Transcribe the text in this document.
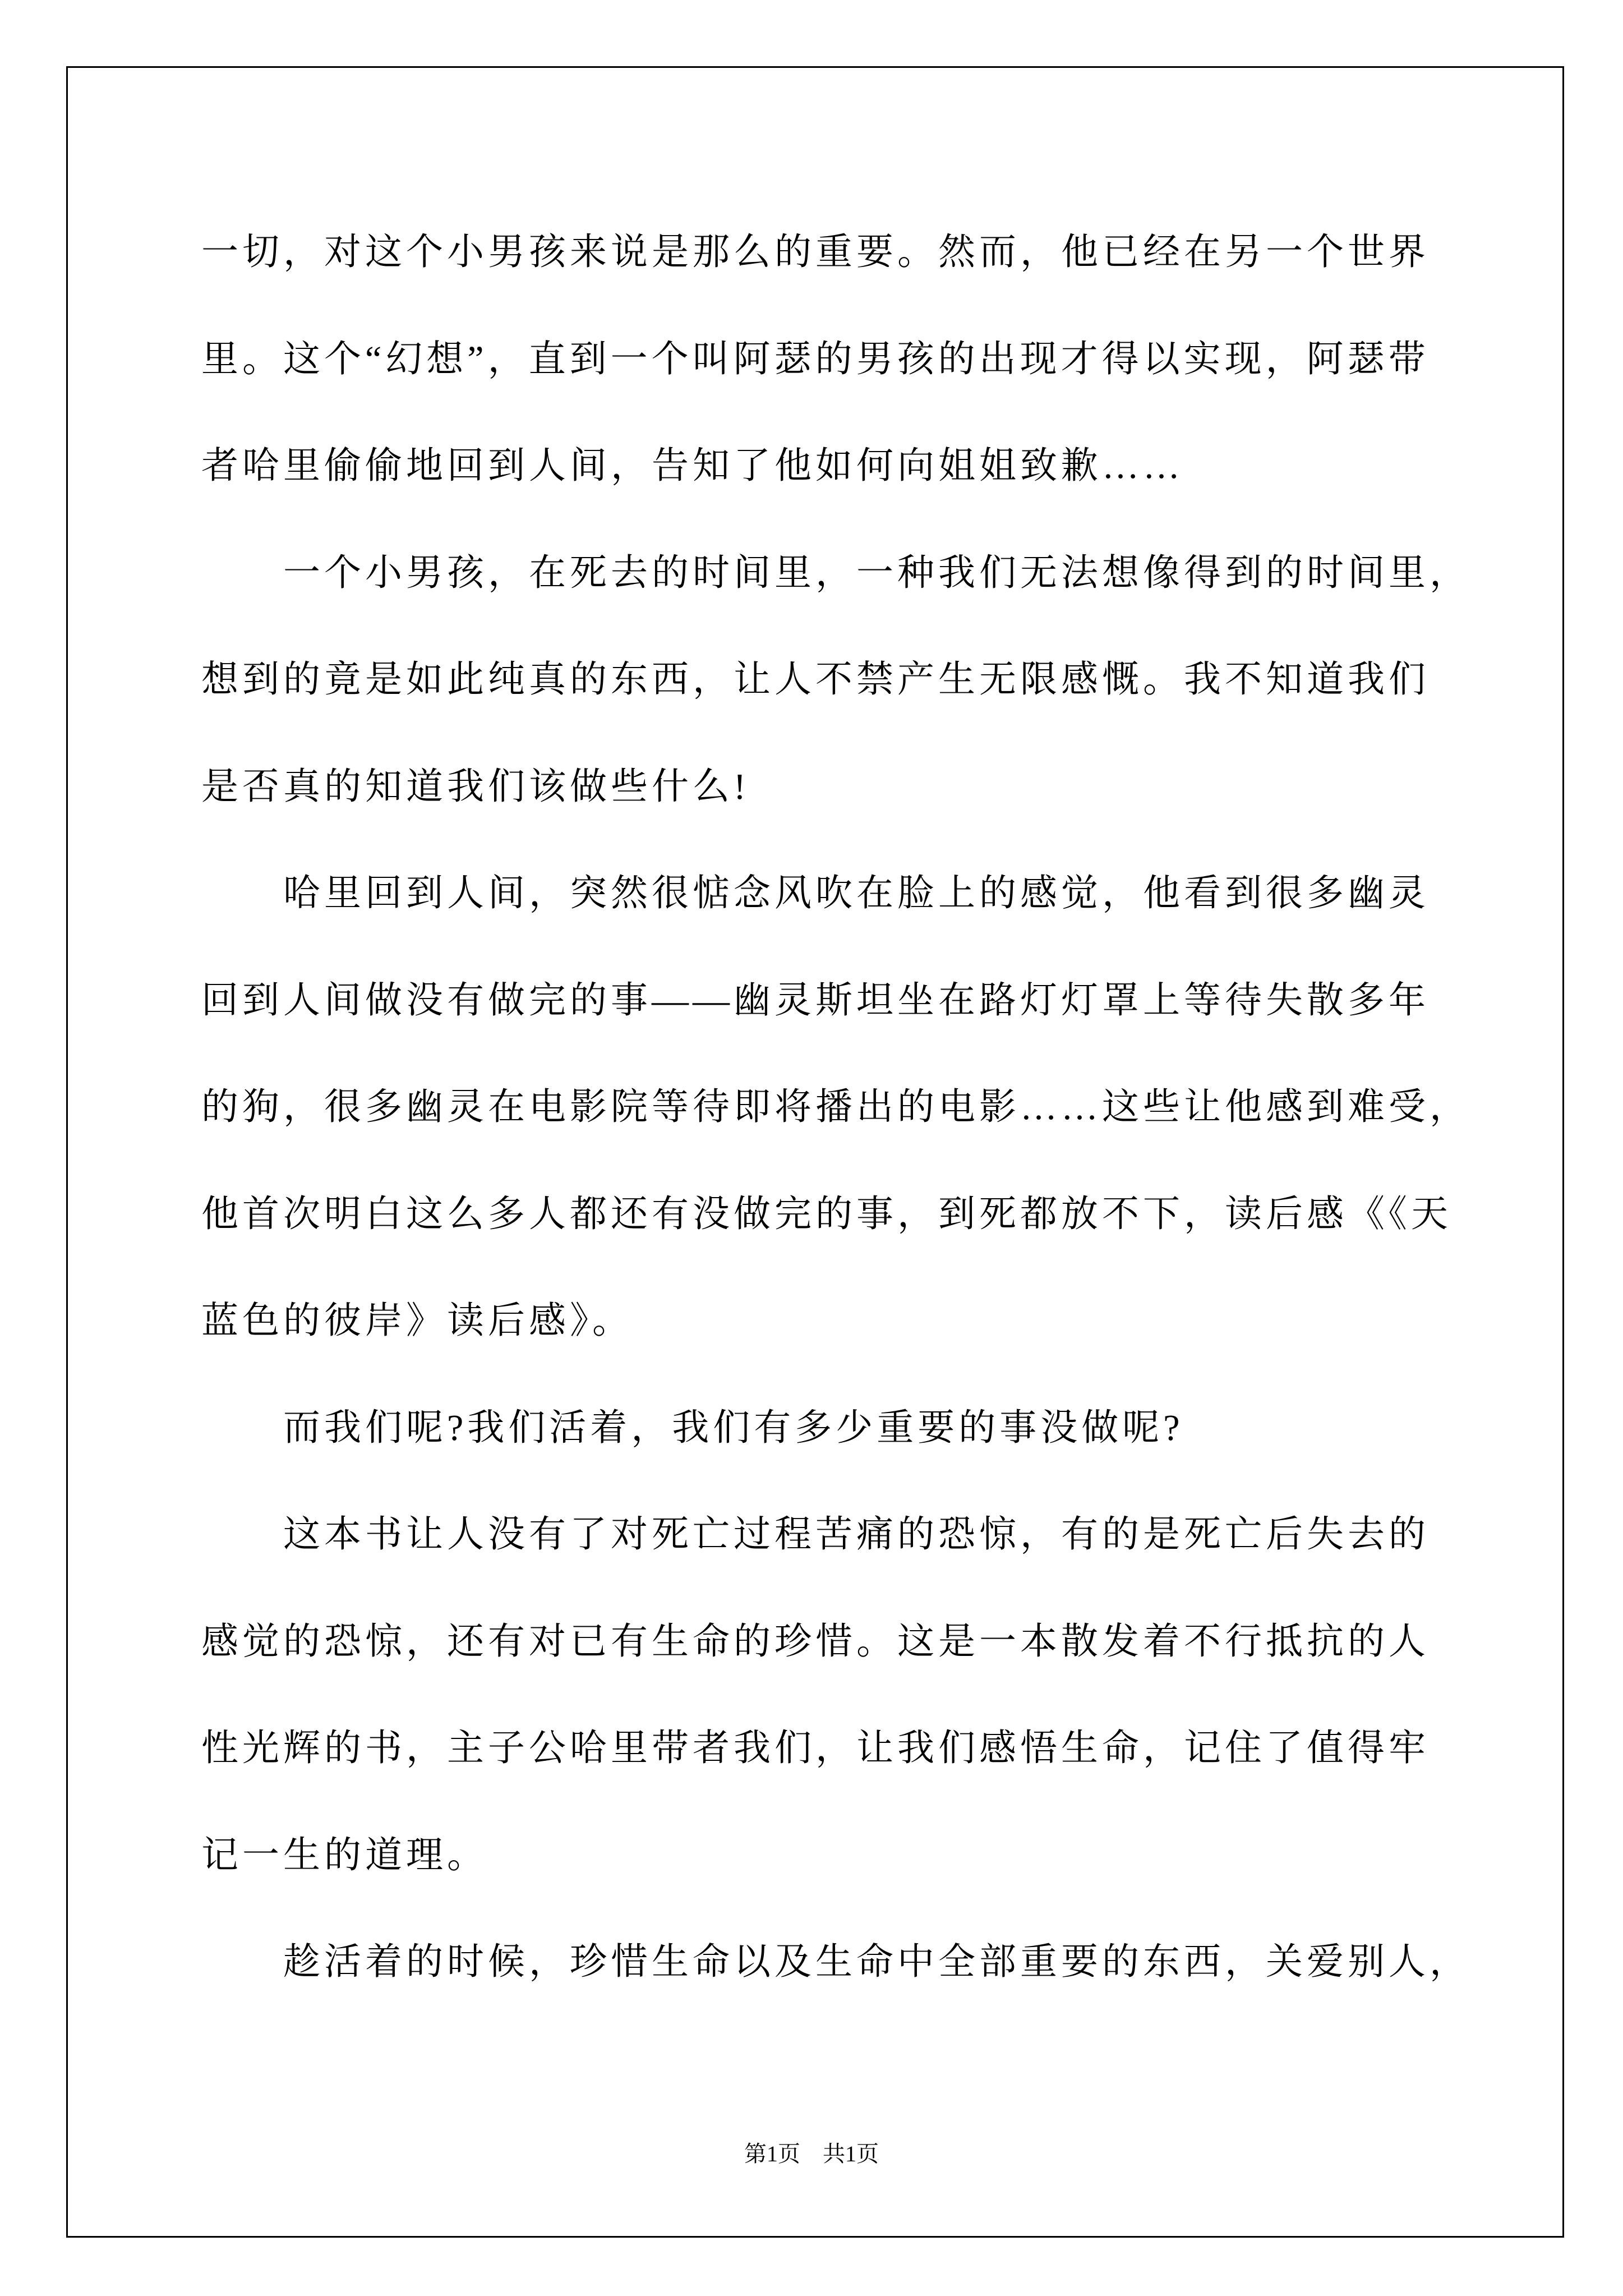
一切，对这个小男孩来说是那么的重要。然而，他已经在另一个世界
里。这个“幻想”，直到一个叫阿瑟的男孩的出现才得以实现，阿瑟带
者哈里偷偷地回到人间，告知了他如何向姐姐致歉……
一个小男孩，在死去的时间里，一种我们无法想像得到的时间里，
想到的竟是如此纯真的东西，让人不禁产生无限感慨。我不知道我们
是否真的知道我们该做些什么!
哈里回到人间，突然很惦念风吹在脸上的感觉，他看到很多幽灵
回到人间做没有做完的事——幽灵斯坦坐在路灯灯罩上等待失散多年
的狗，很多幽灵在电影院等待即将播出的电影……这些让他感到难受，
他首次明白这么多人都还有没做完的事，到死都放不下，读后感《《天
蓝色的彼岸》读后感》。
而我们呢?我们活着，我们有多少重要的事没做呢?
这本书让人没有了对死亡过程苦痛的恐惊，有的是死亡后失去的
感觉的恐惊，还有对已有生命的珍惜。这是一本散发着不行抵抗的人
性光辉的书，主子公哈里带者我们，让我们感悟生命，记住了值得牢
记一生的道理。
趁活着的时候，珍惜生命以及生命中全部重要的东西，关爱别人，
第1页　共1页
